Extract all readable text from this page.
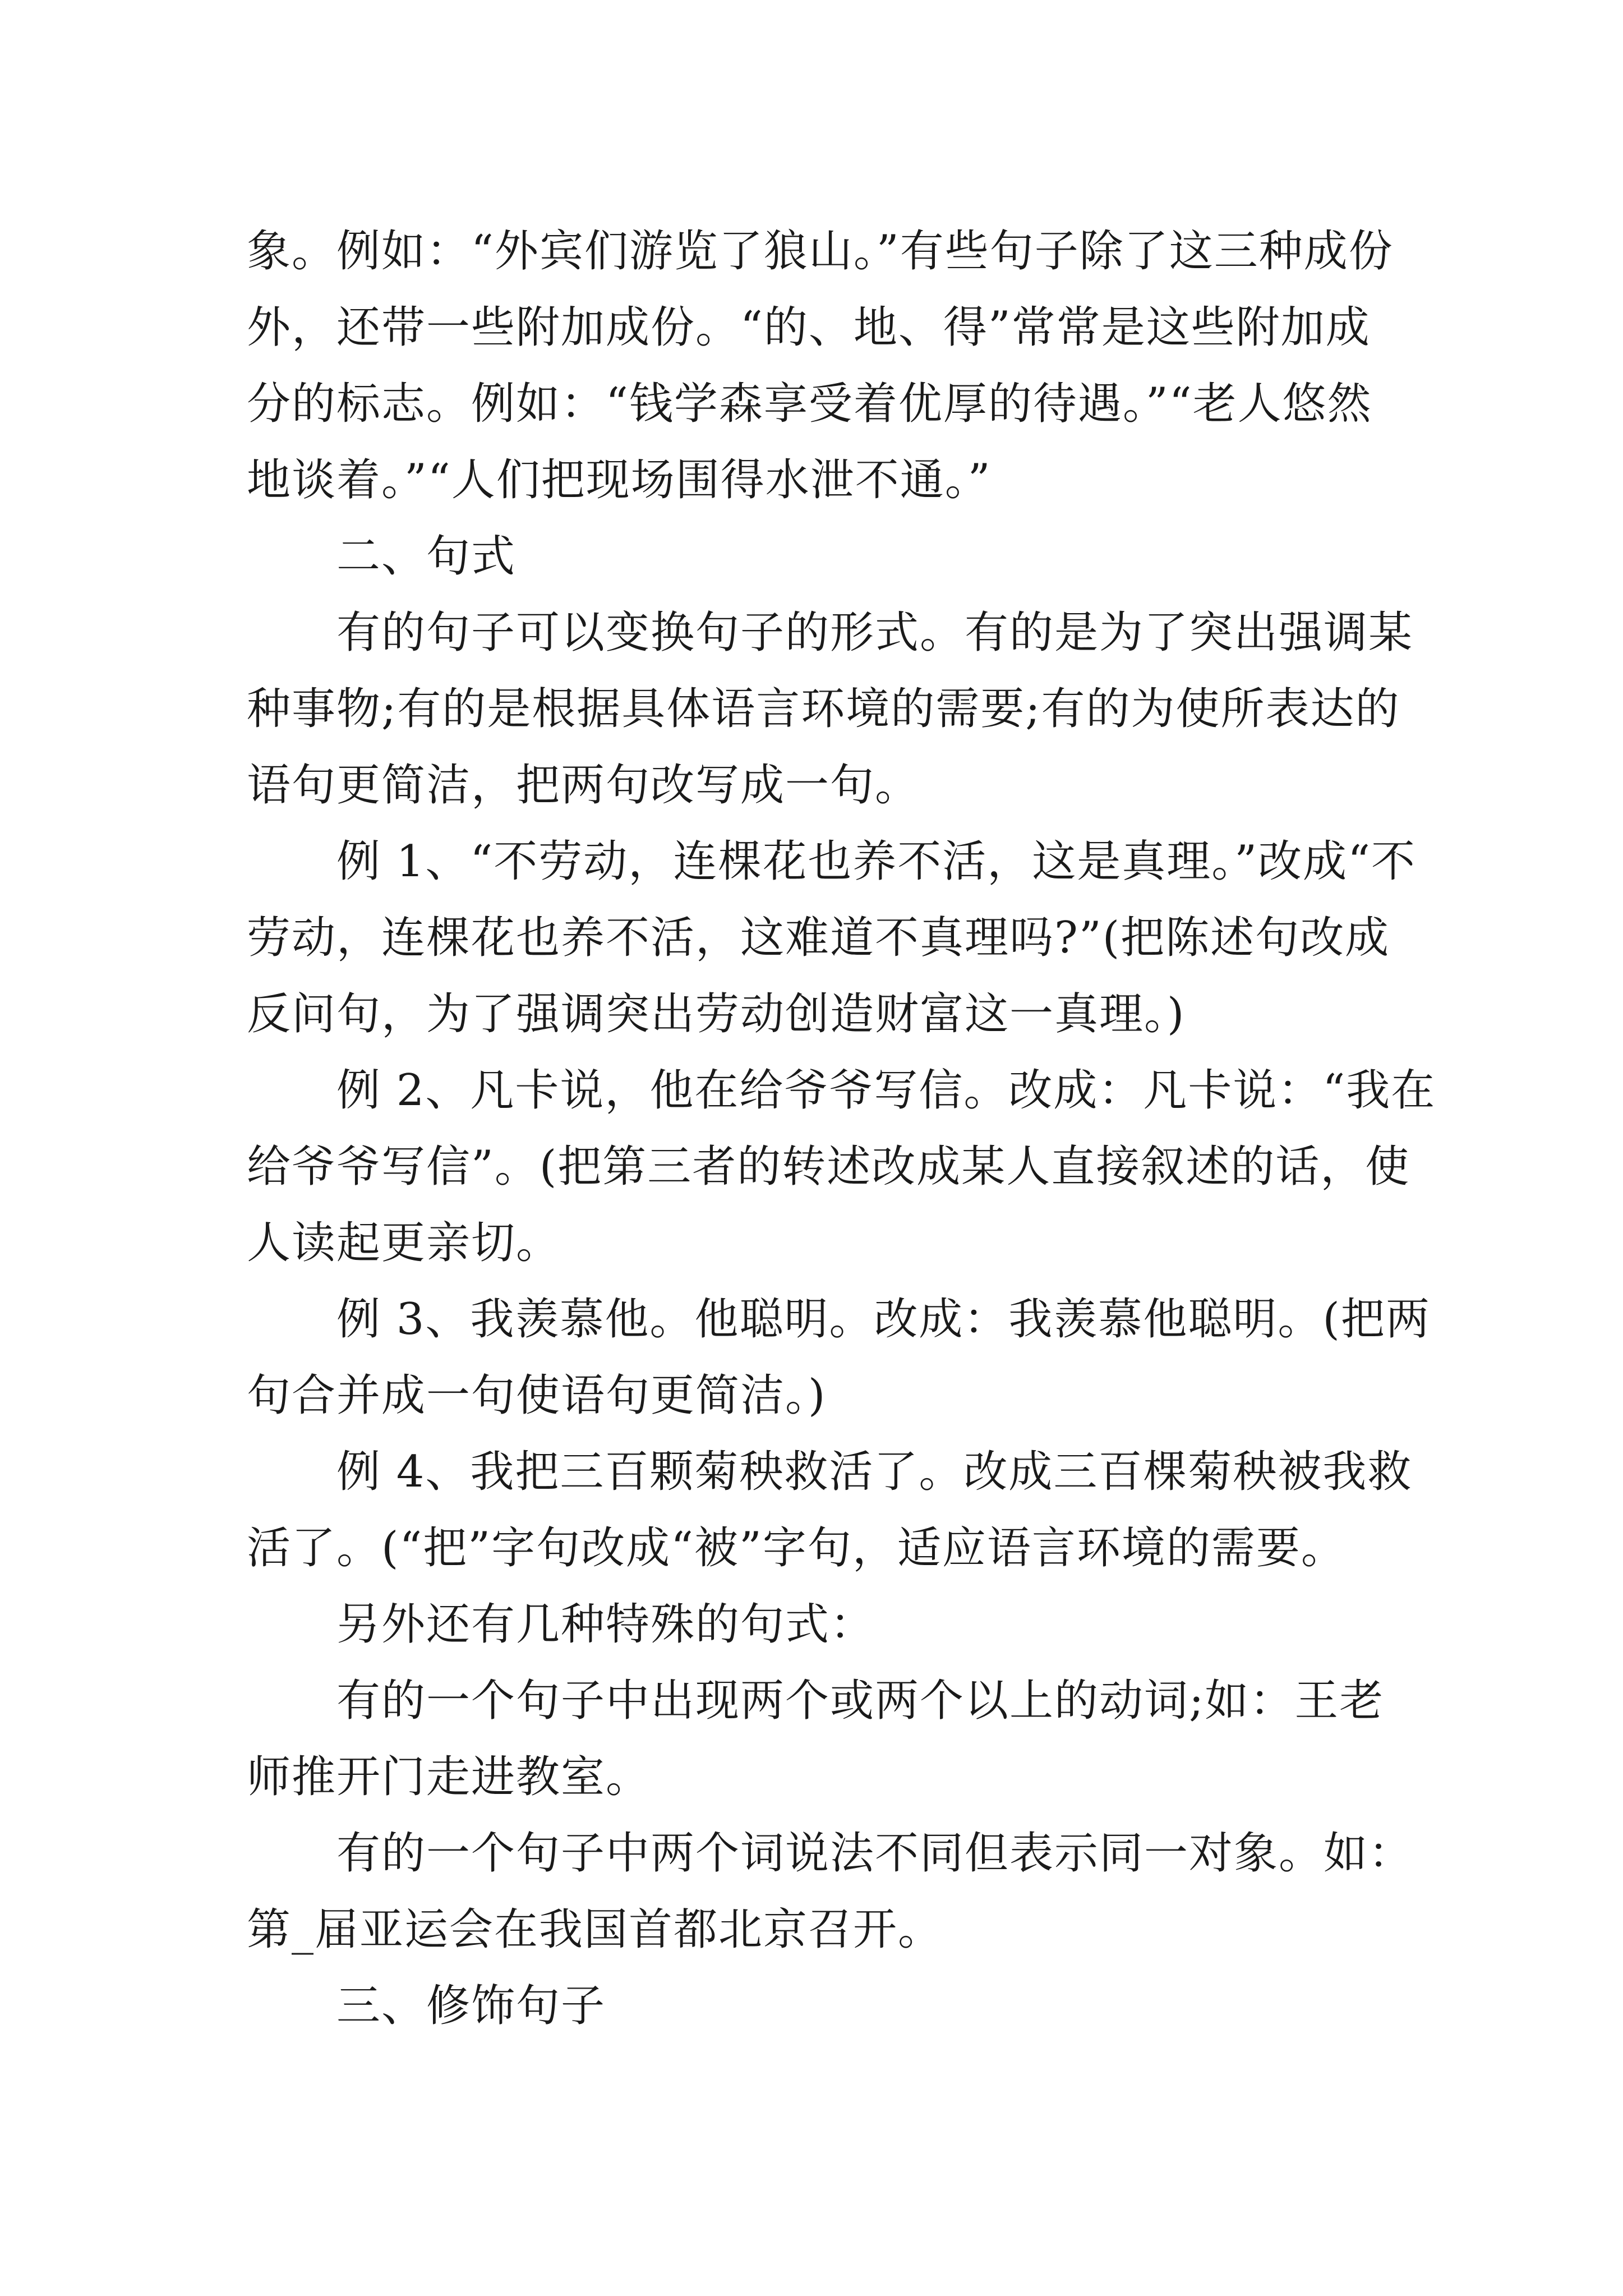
象。例如：“外宾们游览了狼山。”有些句子除了这三种成份
外，还带一些附加成份。“的、地、得”常常是这些附加成
分的标志。例如：“钱学森享受着优厚的待遇。”“老人悠然
地谈着。”“人们把现场围得水泄不通。”
二、句式
有的句子可以变换句子的形式。有的是为了突出强调某
种事物;有的是根据具体语言环境的需要;有的为使所表达的
语句更简洁，把两句改写成一句。
例 1、“不劳动，连棵花也养不活，这是真理。”改成“不
劳动，连棵花也养不活，这难道不真理吗?”(把陈述句改成
反问句，为了强调突出劳动创造财富这一真理。)
例 2、凡卡说，他在给爷爷写信。改成：凡卡说：“我在
给爷爷写信”。(把第三者的转述改成某人直接叙述的话，使
人读起更亲切。
例 3、我羡慕他。他聪明。改成：我羡慕他聪明。(把两
句合并成一句使语句更简洁。)
例 4、我把三百颗菊秧救活了。改成三百棵菊秧被我救
活了。(“把”字句改成“被”字句，适应语言环境的需要。
另外还有几种特殊的句式：
有的一个句子中出现两个或两个以上的动词;如：王老
师推开门走进教室。
有的一个句子中两个词说法不同但表示同一对象。如：
第_届亚运会在我国首都北京召开。
三、修饰句子
